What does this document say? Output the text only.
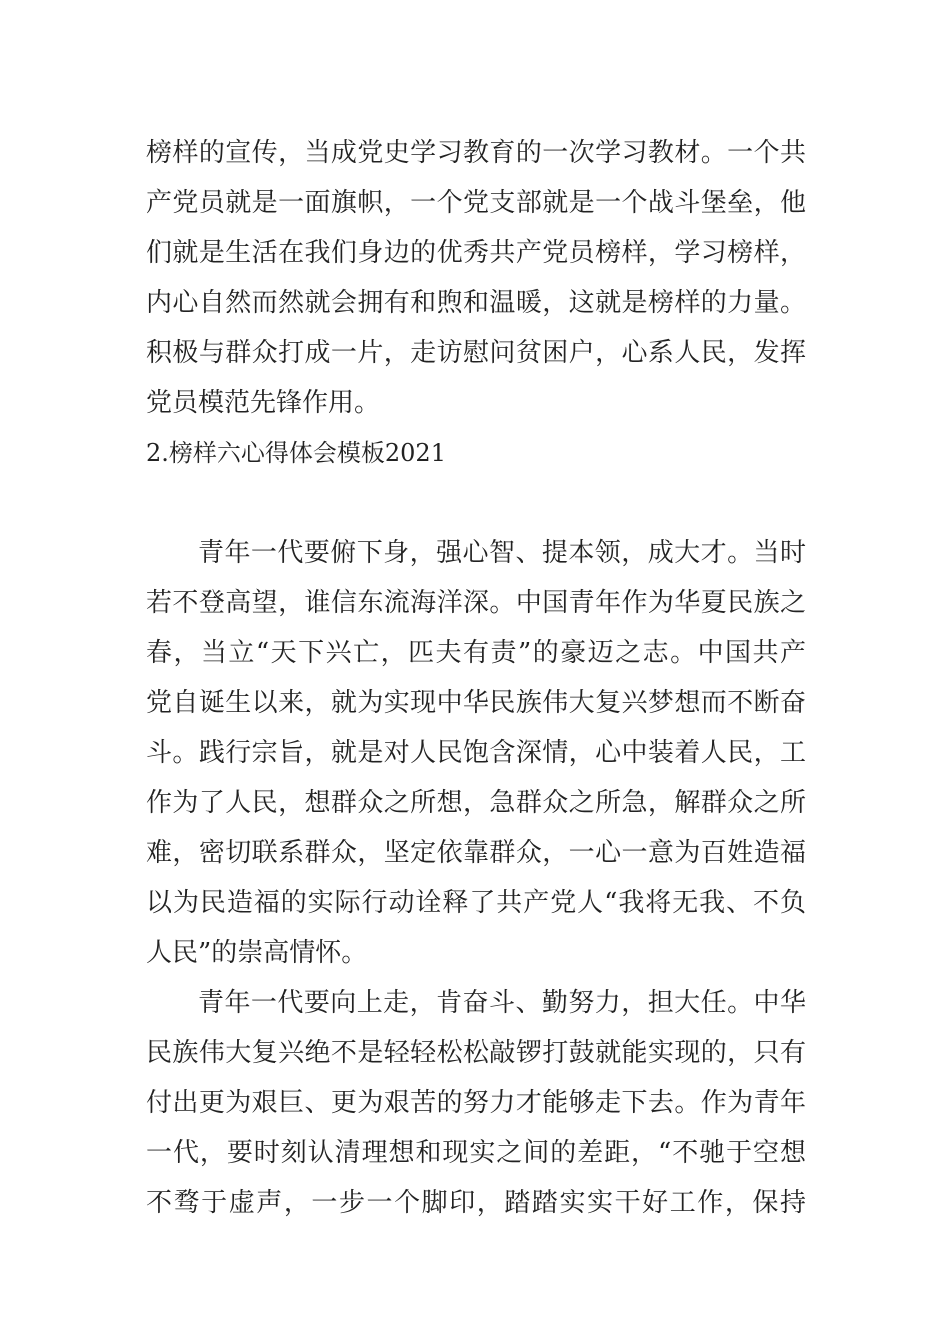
榜样的宣传，当成党史学习教育的一次学习教材。一个共
产党员就是一面旗帜，一个党支部就是一个战斗堡垒，他
们就是生活在我们身边的优秀共产党员榜样，学习榜样，
内心自然而然就会拥有和煦和温暖，这就是榜样的力量。
积极与群众打成一片，走访慰问贫困户，心系人民，发挥
党员模范先锋作用。
2.榜样六心得体会模板2021
青年一代要俯下身，强心智、提本领，成大才。当时
若不登高望，谁信东流海洋深。中国青年作为华夏民族之
春，当立“天下兴亡，匹夫有责”的豪迈之志。中国共产
党自诞生以来，就为实现中华民族伟大复兴梦想而不断奋
斗。践行宗旨，就是对人民饱含深情，心中装着人民，工
作为了人民，想群众之所想，急群众之所急，解群众之所
难，密切联系群众，坚定依靠群众，一心一意为百姓造福
以为民造福的实际行动诠释了共产党人“我将无我、不负
人民”的崇高情怀。
青年一代要向上走，肯奋斗、勤努力，担大任。中华
民族伟大复兴绝不是轻轻松松敲锣打鼓就能实现的，只有
付出更为艰巨、更为艰苦的努力才能够走下去。作为青年
一代，要时刻认清理想和现实之间的差距，“不驰于空想
不骛于虚声，一步一个脚印，踏踏实实干好工作，保持
